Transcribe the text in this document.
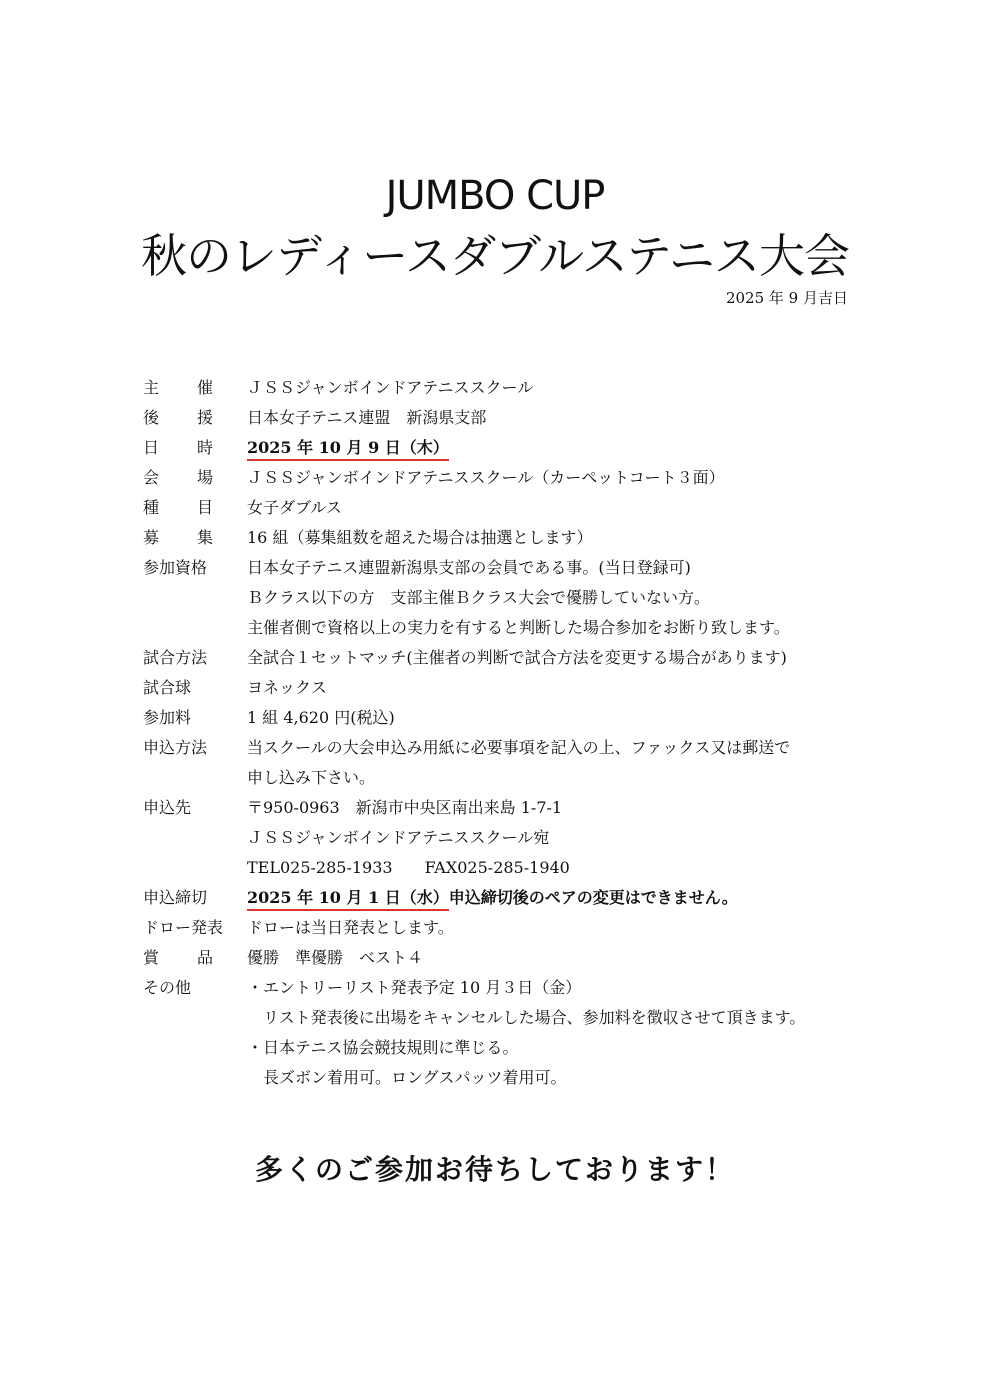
JUMBO CUP
秋のレディースダブルステニス大会
2025 年 9 月吉日
主 催 ＪＳＳジャンボインドアテニススクール
後 援 日本女子テニス連盟　新潟県支部
日 時 2025 年 10 月 9 日（木）
会 場 ＪＳＳジャンボインドアテニススクール（カーペットコート３面）
種 目 女子ダブルス
募 集 16 組（募集組数を超えた場合は抽選とします）
参加資格	日本女子テニス連盟新潟県支部の会員である事。(当日登録可)
Ｂクラス以下の方　支部主催Ｂクラス大会で優勝していない方。
主催者側で資格以上の実力を有すると判断した場合参加をお断り致します。
試合方法	全試合１セットマッチ(主催者の判断で試合方法を変更する場合があります)
試合球	ヨネックス
参加料	1 組 4,620 円(税込)
申込方法	当スクールの大会申込み用紙に必要事項を記入の上、ファックス又は郵送で
申し込み下さい。
申込先	〒950-0963　新潟市中央区南出来島 1-7-1
ＪＳＳジャンボインドアテニススクール宛
TEL025-285-1933　　FAX025-285-1940
申込締切	2025 年 10 月 1 日（水）申込締切後のペアの変更はできません。
ドロー発表	ドローは当日発表とします。
賞 品 優勝　準優勝　ベスト４
その他	・エントリーリスト発表予定 10 月３日（金）
リスト発表後に出場をキャンセルした場合、参加料を徴収させて頂きます。
・日本テニス協会競技規則に準じる。
長ズボン着用可。ロングスパッツ着用可。
多くのご参加お待ちしております！
